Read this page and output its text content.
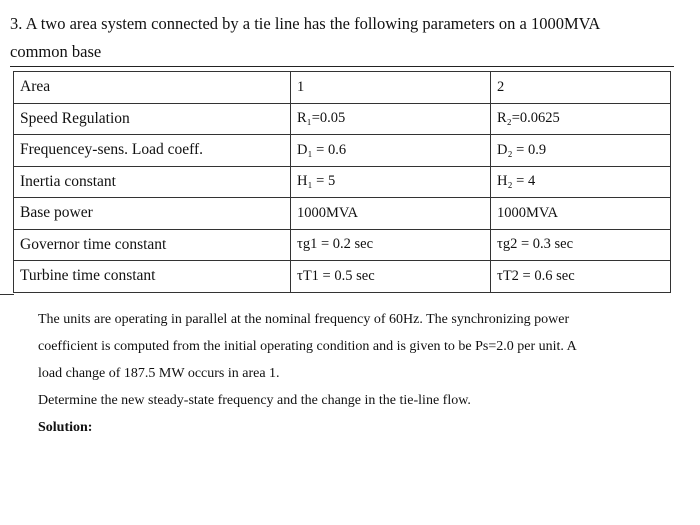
3. A two area system connected by a tie line has the following parameters on a 1000MVA
common base
Area	1	2
Speed Regulation	R₁=0.05	R₂=0.0625
Frequencey-sens. Load coeff.	D₁ = 0.6	D₂ = 0.9
Inertia constant	H₁ = 5	H₂ = 4
Base power	1000MVA	1000MVA
Governor time constant	τg1 = 0.2 sec	τg2 = 0.3 sec
Turbine time constant	τT1 = 0.5 sec	τT2 = 0.6 sec

The units are operating in parallel at the nominal frequency of 60Hz. The synchronizing power

coefficient is computed from the initial operating condition and is given to be Ps=2.0 per unit. A

load change of 187.5 MW occurs in area 1.

Determine the new steady-state frequency and the change in the tie-line flow.

Solution:
